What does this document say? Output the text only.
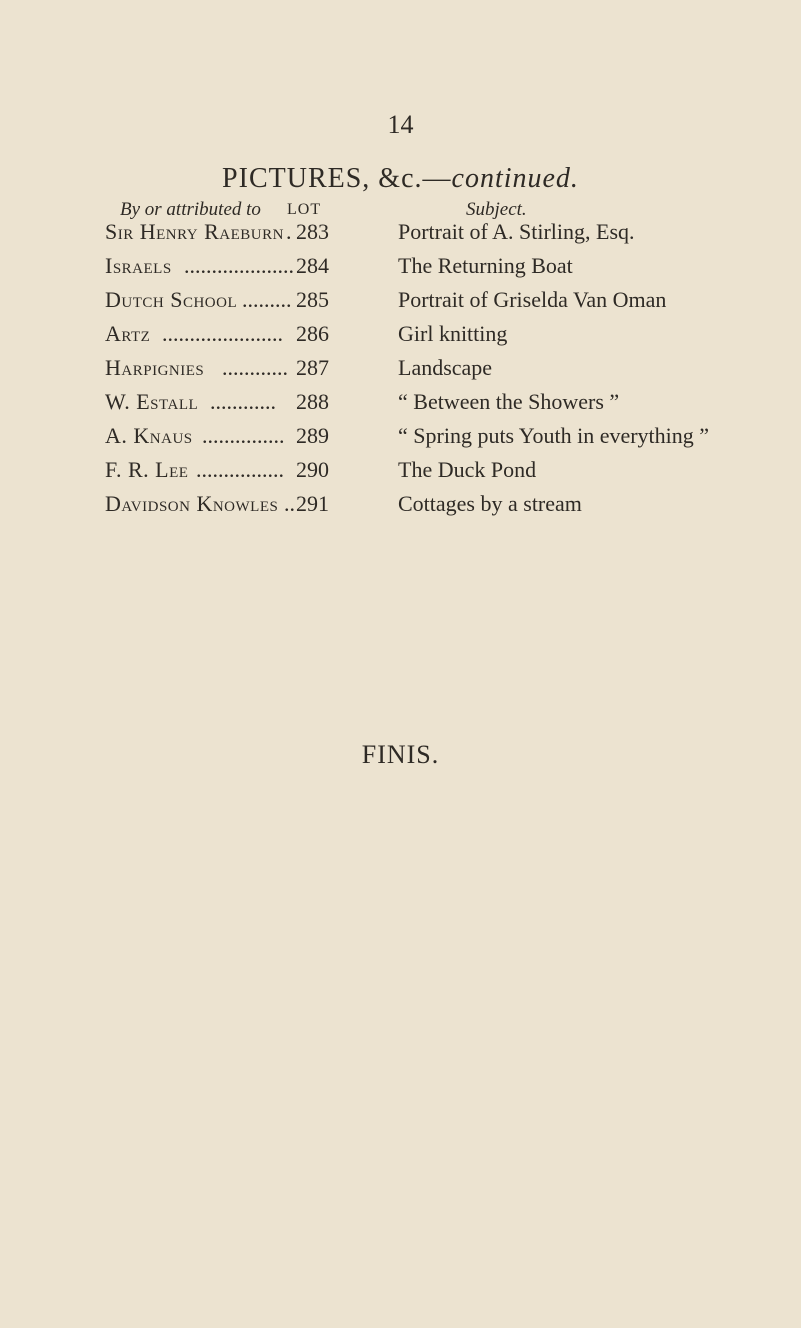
14
PICTURES, &c.—continued.
By or attributed to LOT	Subject.
Sir Henry Raeburn . 283	Portrait of A. Stirling, Esq.
Israels .................... 284	The Returning Boat
Dutch School ......... 285	Portrait of Griselda Van Oman
Artz ...................... 286	Girl knitting
Harpignies ............ 287	Landscape
W. Estall ............ 288	“ Between the Showers ”
A. Knaus ............... 289	“ Spring puts Youth in everything ”
F. R. Lee ................ 290	The Duck Pond
Davidson Knowles .. 291	Cottages by a stream
FINIS.
